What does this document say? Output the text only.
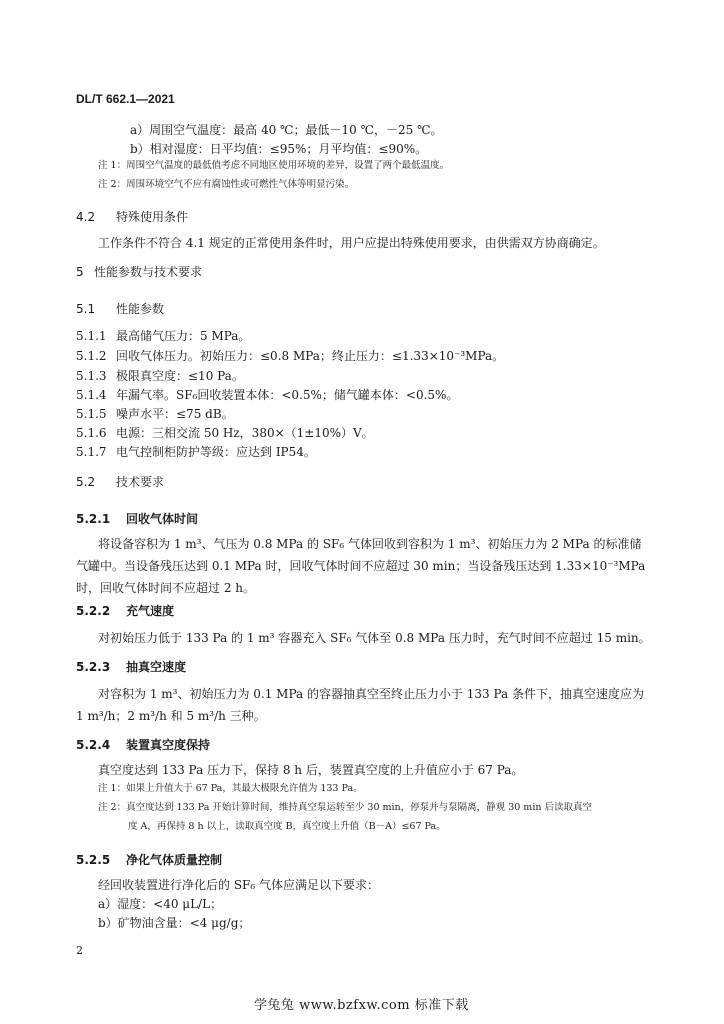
DL/T 662.1—2021
a）周围空气温度：最高 40 ℃；最低－10 ℃，－25 ℃。
b）相对湿度：日平均值：≤95%；月平均值：≤90%。
注 1：周围空气温度的最低值考虑不同地区使用环境的差异，设置了两个最低温度。
注 2：周围环境空气不应有腐蚀性或可燃性气体等明显污染。
4.2 特殊使用条件
工作条件不符合 4.1 规定的正常使用条件时，用户应提出特殊使用要求，由供需双方协商确定。
5 性能参数与技术要求
5.1 性能参数
5.1.1 最高储气压力：5 MPa。
5.1.2 回收气体压力。初始压力：≤0.8 MPa；终止压力：≤1.33×10⁻³MPa。
5.1.3 极限真空度：≤10 Pa。
5.1.4 年漏气率。SF₆回收装置本体：<0.5%；储气罐本体：<0.5%。
5.1.5 噪声水平：≤75 dB。
5.1.6 电源：三相交流 50 Hz，380×（1±10%）V。
5.1.7 电气控制柜防护等级：应达到 IP54。
5.2 技术要求
5.2.1 回收气体时间
将设备容积为 1 m³、气压为 0.8 MPa 的 SF₆ 气体回收到容积为 1 m³、初始压力为 2 MPa 的标准储气罐中。当设备残压达到 0.1 MPa 时，回收气体时间不应超过 30 min；当设备残压达到 1.33×10⁻³MPa 时，回收气体时间不应超过 2 h。
5.2.2 充气速度
对初始压力低于 133 Pa 的 1 m³ 容器充入 SF₆ 气体至 0.8 MPa 压力时，充气时间不应超过 15 min。
5.2.3 抽真空速度
对容积为 1 m³、初始压力为 0.1 MPa 的容器抽真空至终止压力小于 133 Pa 条件下，抽真空速度应为 1 m³/h；2 m³/h 和 5 m³/h 三种。
5.2.4 装置真空度保持
真空度达到 133 Pa 压力下，保持 8 h 后，装置真空度的上升值应小于 67 Pa。
注 1：如果上升值大于 67 Pa，其最大极限允许值为 133 Pa。
注 2：真空度达到 133 Pa 开始计算时间，维持真空泵运转至少 30 min，停泵并与泵隔离，静观 30 min 后读取真空
度 A，再保持 8 h 以上，读取真空度 B，真空度上升值（B－A）≤67 Pa。
5.2.5 净化气体质量控制
经回收装置进行净化后的 SF₆ 气体应满足以下要求：
a）湿度：<40 μL/L；
b）矿物油含量：<4 μg/g；
2
学兔兔 www.bzfxw.com 标准下载
